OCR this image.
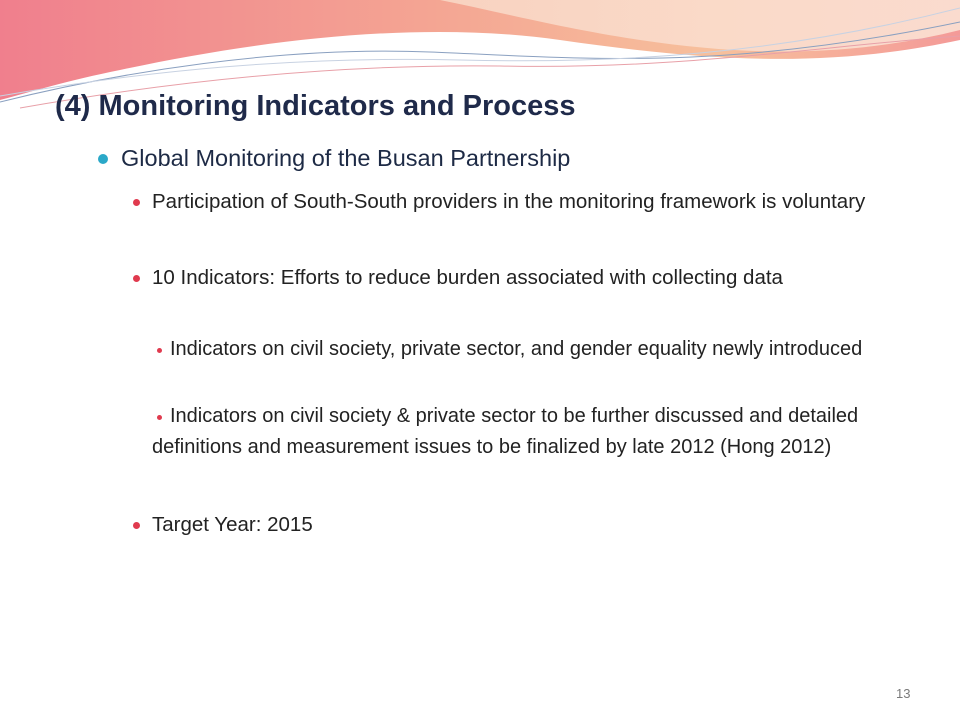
(4) Monitoring Indicators and Process
Global Monitoring of the Busan Partnership
Participation of South-South providers in the monitoring framework is voluntary
10 Indicators: Efforts to reduce burden associated with collecting data
Indicators on civil society, private sector, and gender equality newly introduced
Indicators on civil society & private sector to be further discussed and detailed definitions and measurement issues to be finalized by late 2012 (Hong 2012)
Target Year: 2015
13
